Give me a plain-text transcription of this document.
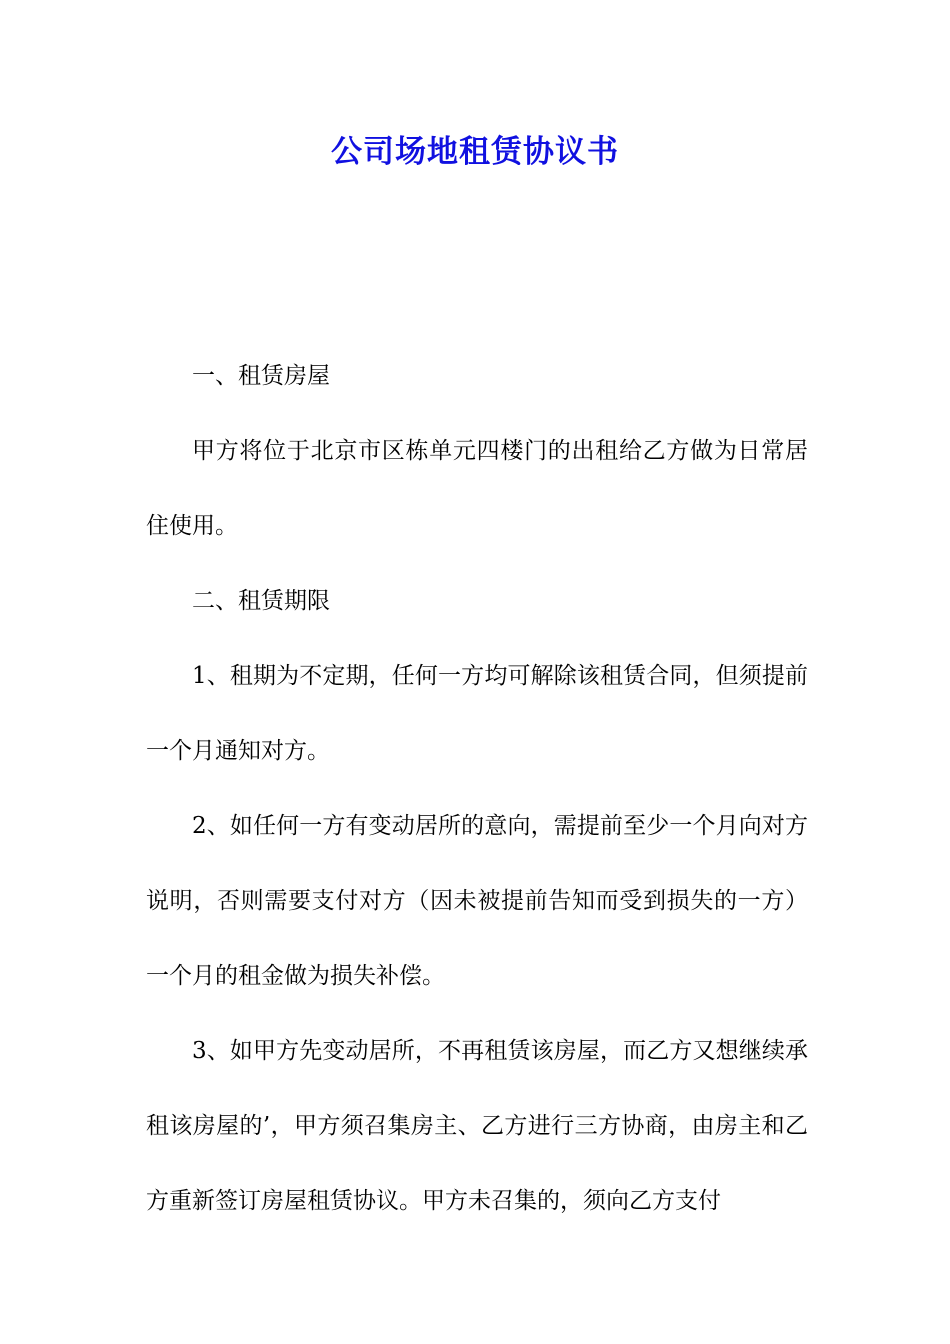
公司场地租赁协议书

一、租赁房屋

甲方将位于北京市区栋单元四楼门的出租给乙方做为日常居住使用。

二、租赁期限

1、租期为不定期，任何一方均可解除该租赁合同，但须提前一个月通知对方。

2、如任何一方有变动居所的意向，需提前至少一个月向对方说明，否则需要支付对方（因未被提前告知而受到损失的一方）一个月的租金做为损失补偿。

3、如甲方先变动居所，不再租赁该房屋，而乙方又想继续承租该房屋的’，甲方须召集房主、乙方进行三方协商，由房主和乙方重新签订房屋租赁协议。甲方未召集的，须向乙方支付
